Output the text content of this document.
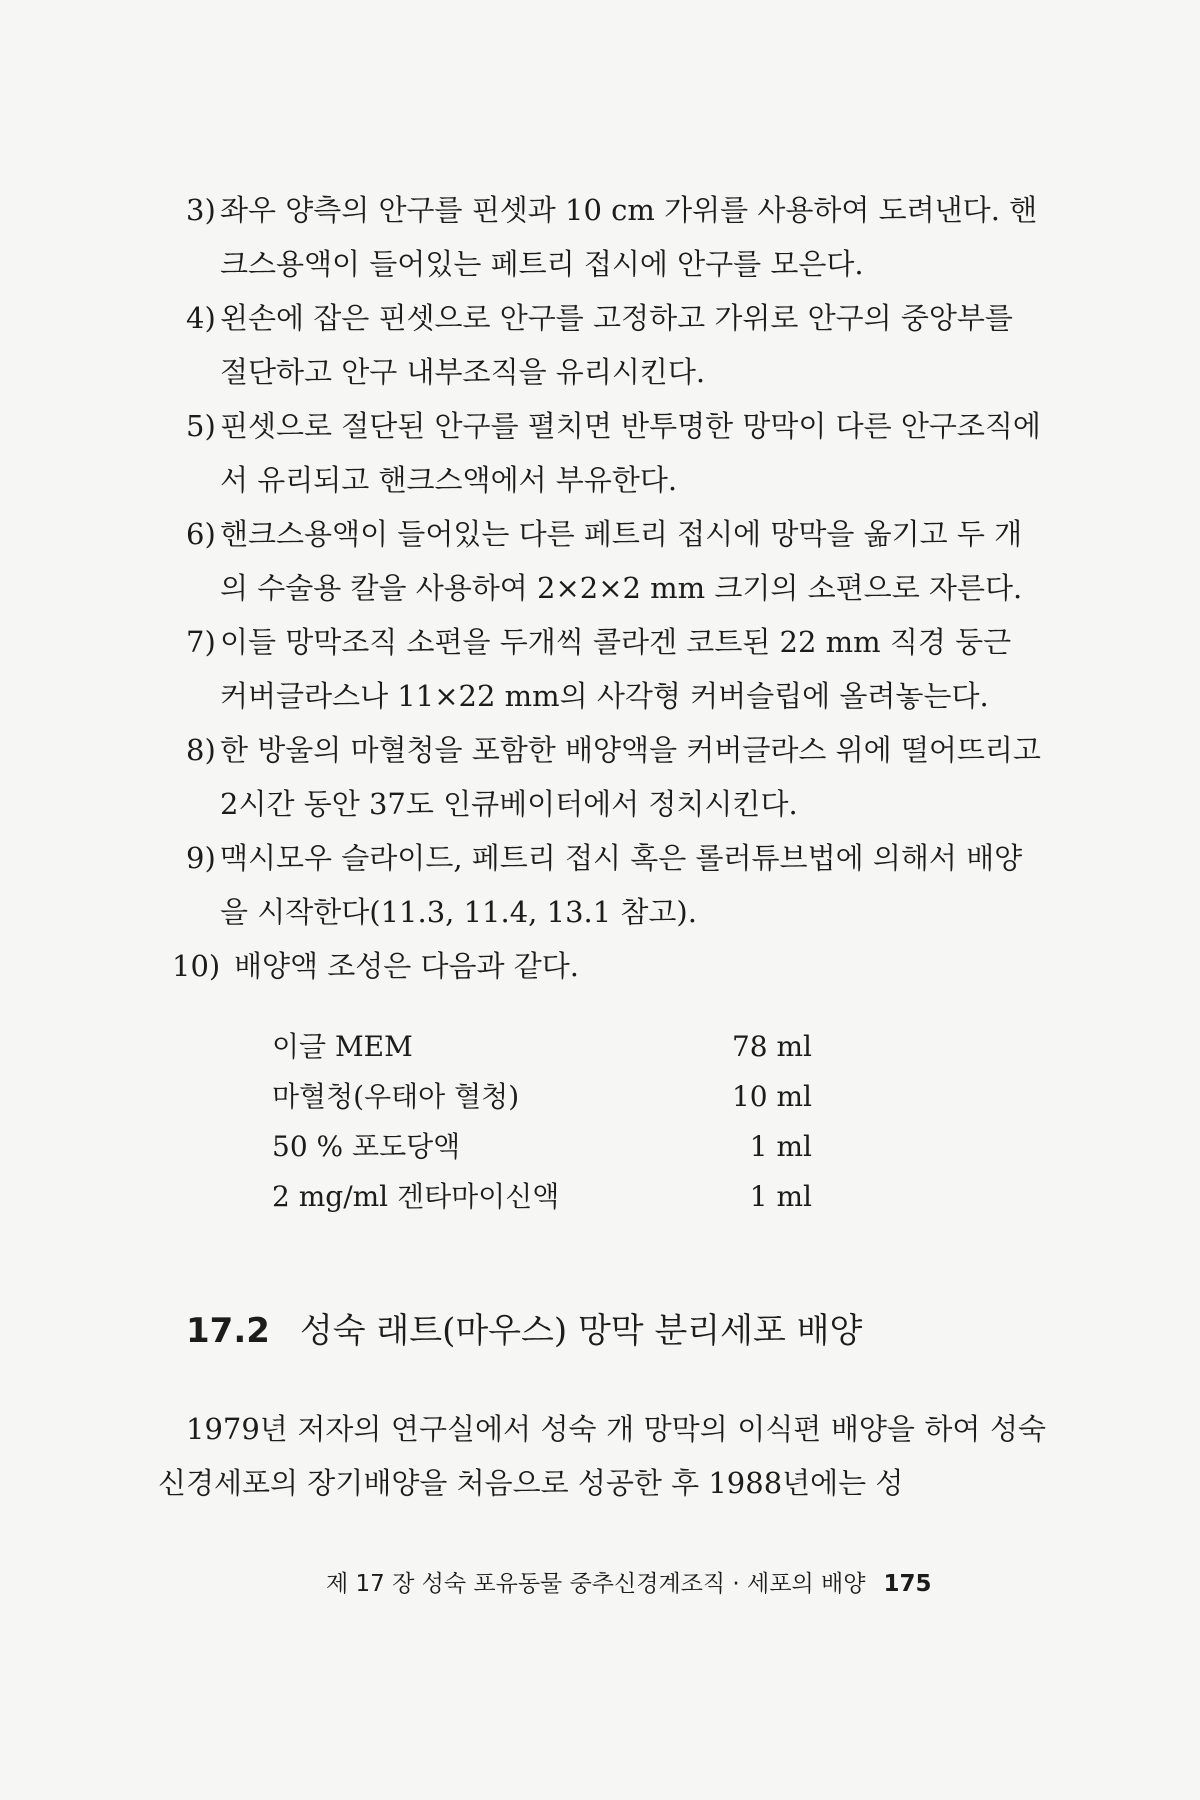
3) 좌우 양측의 안구를 핀셋과 10 cm 가위를 사용하여 도려낸다. 핸크스용액이 들어있는 페트리 접시에 안구를 모은다.
4) 왼손에 잡은 핀셋으로 안구를 고정하고 가위로 안구의 중앙부를 절단하고 안구 내부조직을 유리시킨다.
5) 핀셋으로 절단된 안구를 펼치면 반투명한 망막이 다른 안구조직에서 유리되고 핸크스액에서 부유한다.
6) 핸크스용액이 들어있는 다른 페트리 접시에 망막을 옮기고 두 개의 수술용 칼을 사용하여 2×2×2 mm 크기의 소편으로 자른다.
7) 이들 망막조직 소편을 두개씩 콜라겐 코트된 22 mm 직경 둥근 커버글라스나 11×22 mm의 사각형 커버슬립에 올려놓는다.
8) 한 방울의 마혈청을 포함한 배양액을 커버글라스 위에 떨어뜨리고 2시간 동안 37도 인큐베이터에서 정치시킨다.
9) 맥시모우 슬라이드, 페트리 접시 혹은 롤러튜브법에 의해서 배양을 시작한다(11.3, 11.4, 13.1 참고).
10) 배양액 조성은 다음과 같다.
이글 MEM	78 ml
마혈청(우태아 혈청)	10 ml
50 % 포도당액	1 ml
2 mg/ml 겐타마이신액	1 ml
17.2 성숙 래트(마우스) 망막 분리세포 배양

1979년 저자의 연구실에서 성숙 개 망막의 이식편 배양을 하여 성숙 신경세포의 장기배양을 처음으로 성공한 후 1988년에는 성

제 17 장 성숙 포유동물 중추신경계조직 · 세포의 배양 175
